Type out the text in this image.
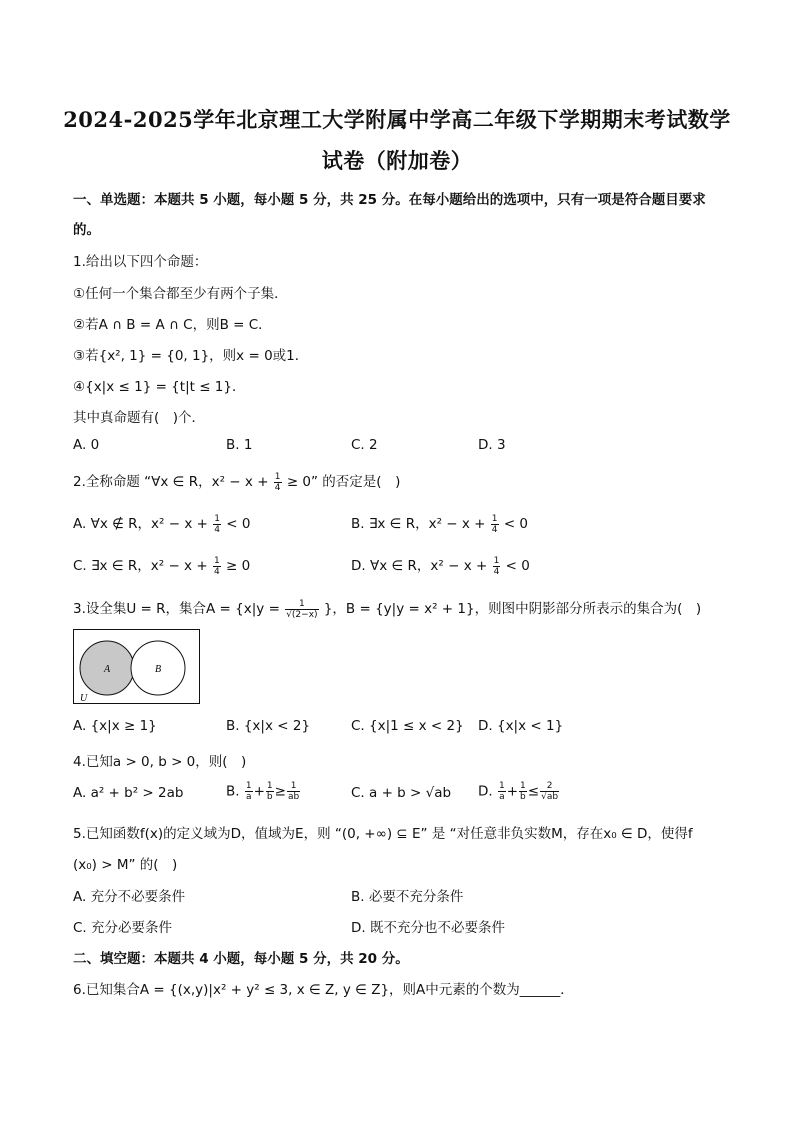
2024-2025学年北京理工大学附属中学高二年级下学期期末考试数学
试卷（附加卷）
一、单选题：本题共 5 小题，每小题 5 分，共 25 分。在每小题给出的选项中，只有一项是符合题目要求
的。
1.给出以下四个命题：
①任何一个集合都至少有两个子集．
②若A ∩ B = A ∩ C，则B = C．
③若{x², 1} = {0, 1}，则x = 0或1．
④{x|x ≤ 1} = {t|t ≤ 1}．
其中真命题有(　)个．
A. 0	B. 1	C. 2	D. 3
2.全称命题 “∀x ∈ R，$x^2 - x + \frac{1}{4} \ge 0$” 的否定是(　)
A. ∀x ∉ R，$x^2 - x + \frac{1}{4} < 0$	B. ∃x ∈ R，$x^2 - x + \frac{1}{4} < 0$
C. ∃x ∈ R，$x^2 - x + \frac{1}{4} \ge 0$	D. ∀x ∈ R，$x^2 - x + \frac{1}{4} < 0$
3.设全集U = R，集合$A = \{x|y = \frac{1}{√(2-x)}$ }，B = {y|y = x² + 1}，则图中阴影部分所表示的集合为(　)
A	B
U
A. {x|x ≥ 1}	B. {x|x < 2}	C. {x|1 ≤ x < 2} D. {x|x < 1}
4.已知a > 0, b > 0，则(　)
A. a² + b² > 2ab	B. $\frac{1}{a} + \frac{1}{b} \ge \frac{1}{ab}$	C. a + b > √ab D. $\frac{1}{a} + \frac{1}{b} \le \frac{2}{√ab}$
5.已知函数f(x)的定义域为D，值域为E，则 “(0, +∞) ⊆ E” 是 “对任意非负实数M，存在x₀ ∈ D，使得f
(x₀) > M” 的(　)
A. 充分不必要条件	B. 必要不充分条件
C. 充分必要条件	D. 既不充分也不必要条件
二、填空题：本题共 4 小题，每小题 5 分，共 20 分。
6.已知集合A = {(x,y)|x² + y² ≤ 3, x ∈ Z, y ∈ Z}，则A中元素的个数为______．
